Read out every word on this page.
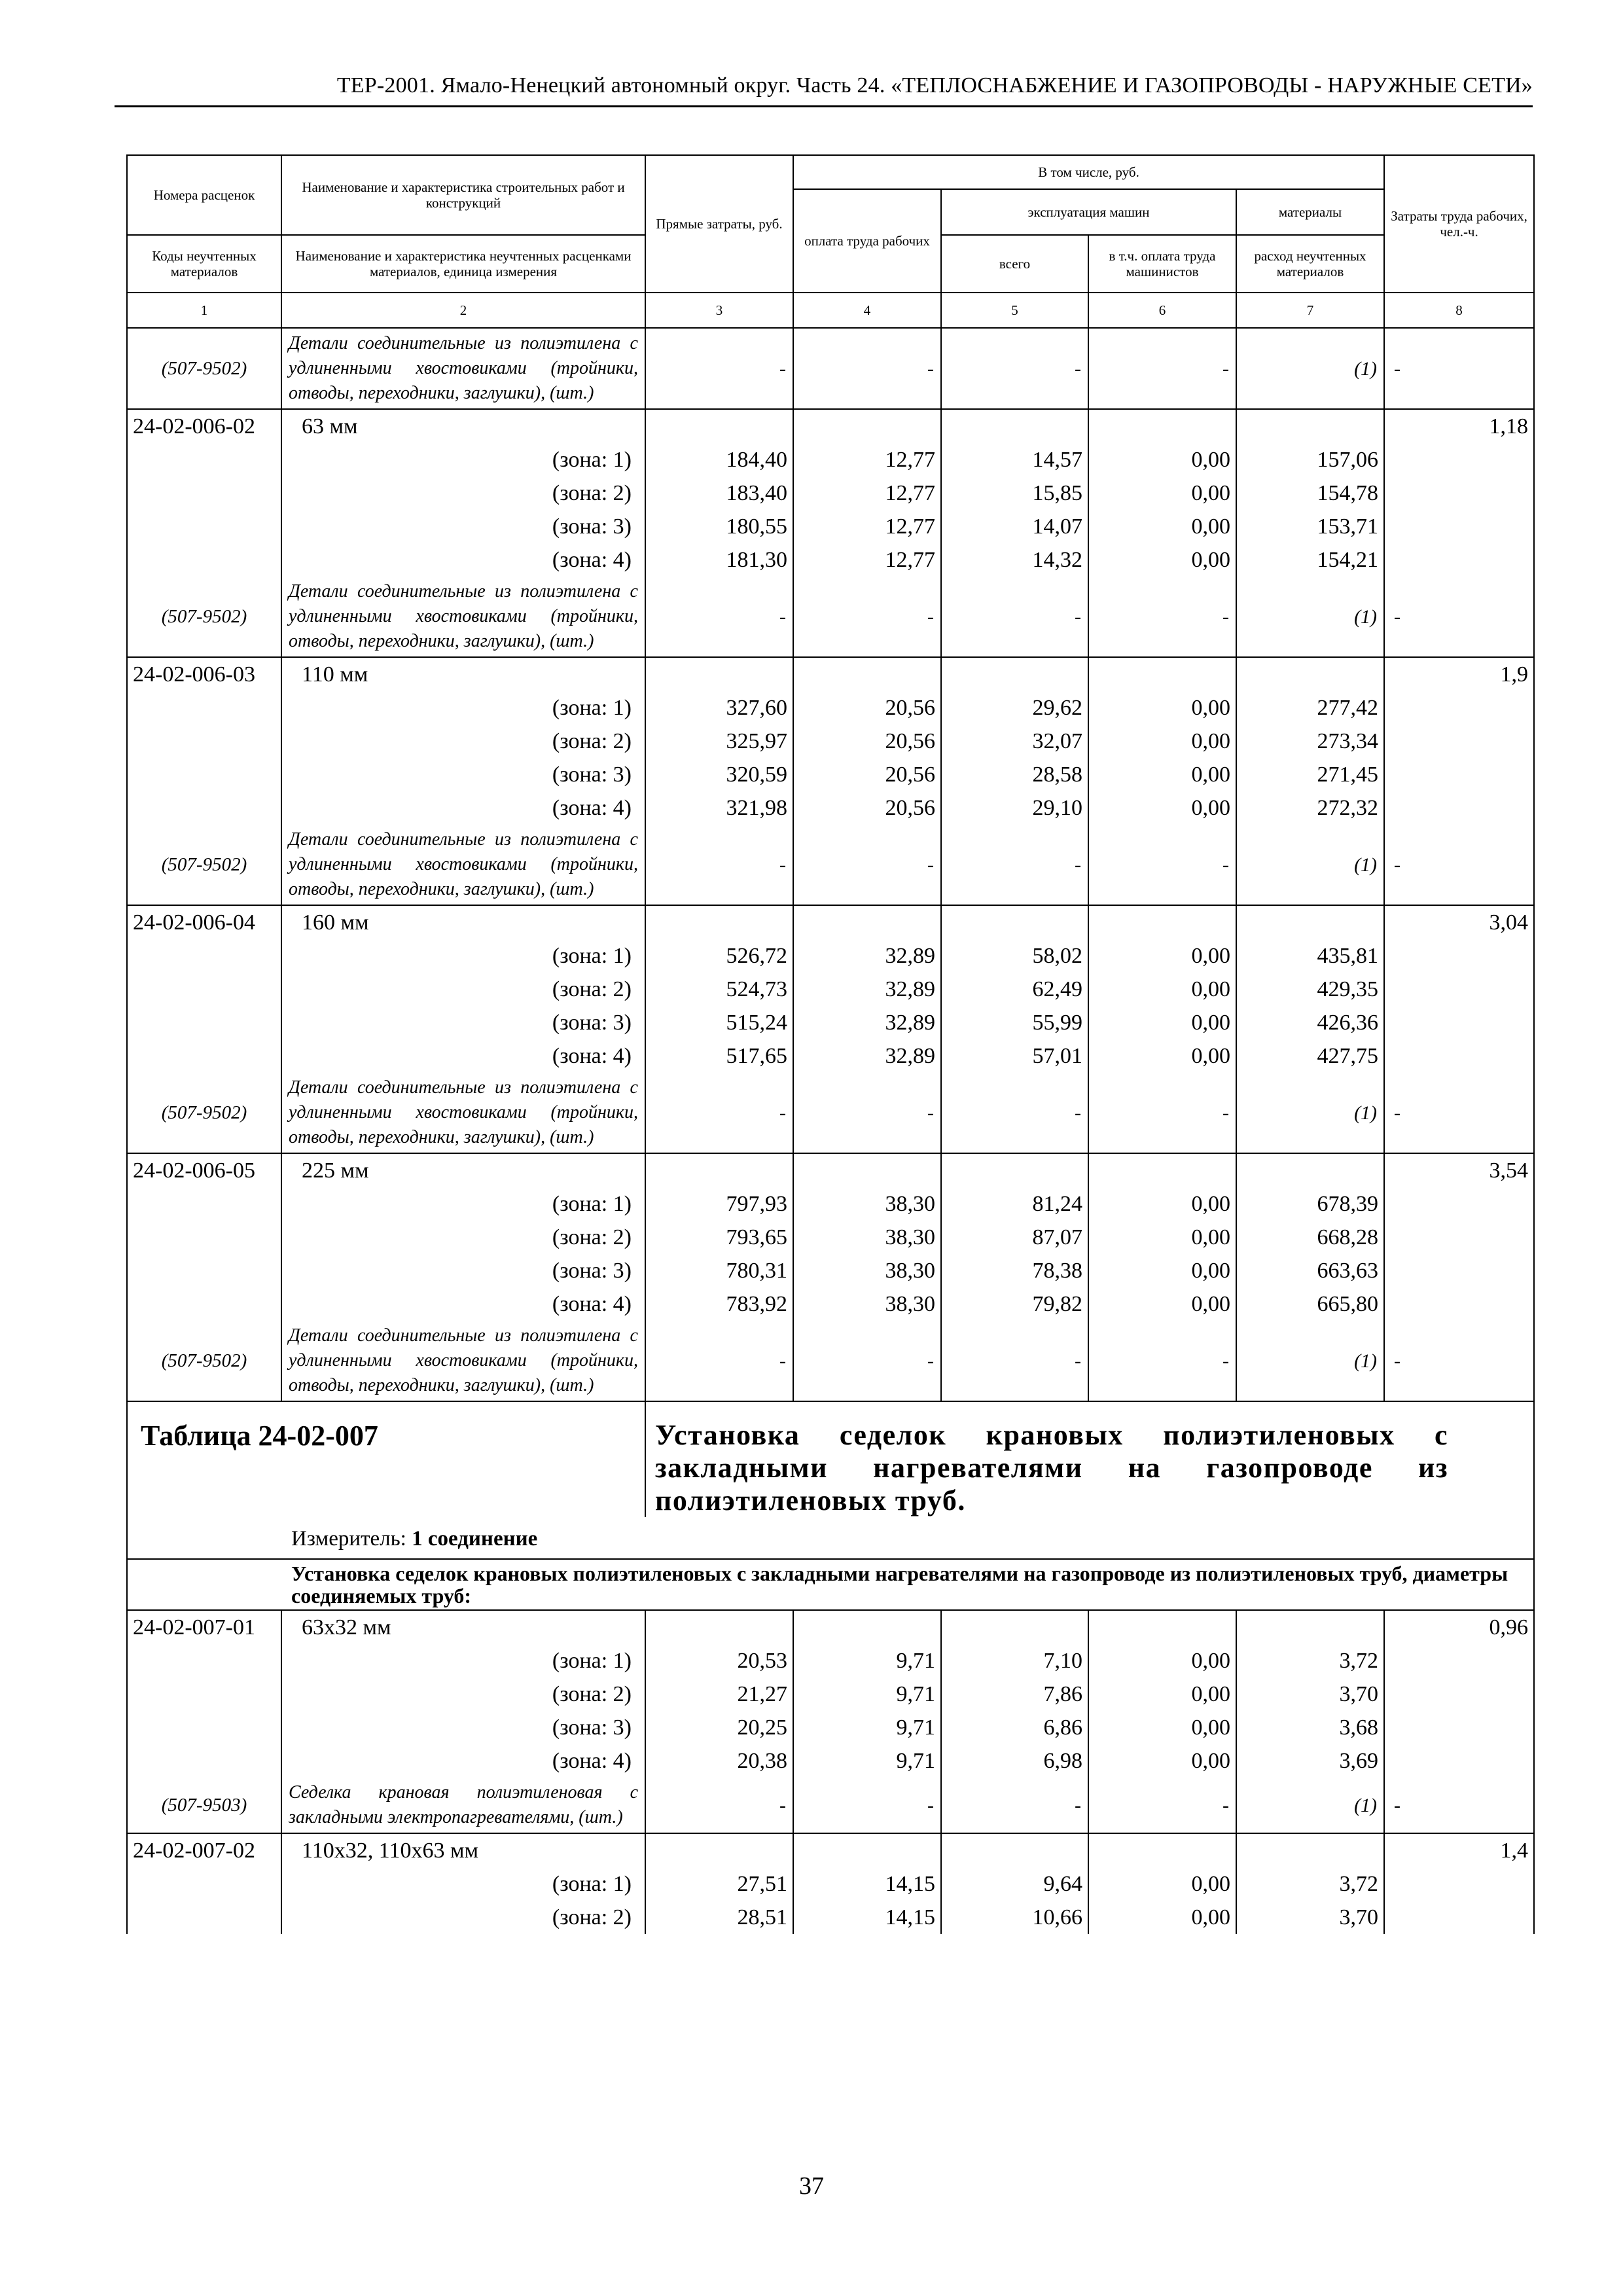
ТЕР-2001. Ямало-Ненецкий автономный округ. Часть 24. «ТЕПЛОСНАБЖЕНИЕ И ГАЗОПРОВОДЫ - НАРУЖНЫЕ СЕТИ»
Номера расценок	Наименование и характеристика строительных работ и конструкций	Прямые затраты, руб.	В том числе, руб.				Затраты труда рабочих, чел.-ч.
			оплата труда рабочих	эксплуатация машин		материалы	
Коды неучтенных материалов	Наименование и характеристика неучтенных расценками материалов, единица измерения			всего	в т.ч. оплата труда машинистов	расход неучтенных материалов	

1	2	3	4	5	6	7	8
(507-9502)	Детали соединительные из полиэтилена с удлиненными хвостовиками (тройники, отводы, переходники, заглушки), (шт.)	-	-	-	-	(1)	-
24-02-006-02	63 мм						1,18
	(зона: 1)	184,40	12,77	14,57	0,00	157,06	
	(зона: 2)	183,40	12,77	15,85	0,00	154,78	
	(зона: 3)	180,55	12,77	14,07	0,00	153,71	
	(зона: 4)	181,30	12,77	14,32	0,00	154,21	
(507-9502)	Детали соединительные из полиэтилена с удлиненными хвостовиками (тройники, отводы, переходники, заглушки), (шт.)	-	-	-	-	(1)	-
24-02-006-03	110 мм						1,9
	(зона: 1)	327,60	20,56	29,62	0,00	277,42	
	(зона: 2)	325,97	20,56	32,07	0,00	273,34	
	(зона: 3)	320,59	20,56	28,58	0,00	271,45	
	(зона: 4)	321,98	20,56	29,10	0,00	272,32	
(507-9502)	Детали соединительные из полиэтилена с удлиненными хвостовиками (тройники, отводы, переходники, заглушки), (шт.)	-	-	-	-	(1)	-
24-02-006-04	160 мм						3,04
	(зона: 1)	526,72	32,89	58,02	0,00	435,81	
	(зона: 2)	524,73	32,89	62,49	0,00	429,35	
	(зона: 3)	515,24	32,89	55,99	0,00	426,36	
	(зона: 4)	517,65	32,89	57,01	0,00	427,75	
(507-9502)	Детали соединительные из полиэтилена с удлиненными хвостовиками (тройники, отводы, переходники, заглушки), (шт.)	-	-	-	-	(1)	-
24-02-006-05	225 мм						3,54
	(зона: 1)	797,93	38,30	81,24	0,00	678,39	
	(зона: 2)	793,65	38,30	87,07	0,00	668,28	
	(зона: 3)	780,31	38,30	78,38	0,00	663,63	
	(зона: 4)	783,92	38,30	79,82	0,00	665,80	
(507-9502)	Детали соединительные из полиэтилена с удлиненными хвостовиками (тройники, отводы, переходники, заглушки), (шт.)	-	-	-	-	(1)	-

Таблица 24-02-007		Установка седелок крановых полиэтиленовых с закладными нагревателями на газопроводе из полиэтиленовых труб.					

Измеритель: 1 соединение							

Установка седелок крановых полиэтиленовых с закладными нагревателями на газопроводе из полиэтиленовых труб, диаметры соединяемых труб:							

24-02-007-01	63х32 мм						0,96
	(зона: 1)	20,53	9,71	7,10	0,00	3,72	
	(зона: 2)	21,27	9,71	7,86	0,00	3,70	
	(зона: 3)	20,25	9,71	6,86	0,00	3,68	
	(зона: 4)	20,38	9,71	6,98	0,00	3,69	
(507-9503)	Седелка крановая полиэтиленовая с закладными электропагревателями, (шт.)	-	-	-	-	(1)	-
24-02-007-02	110х32, 110х63 мм						1,4
	(зона: 1)	27,51	14,15	9,64	0,00	3,72	
	(зона: 2)	28,51	14,15	10,66	0,00	3,70	
37
